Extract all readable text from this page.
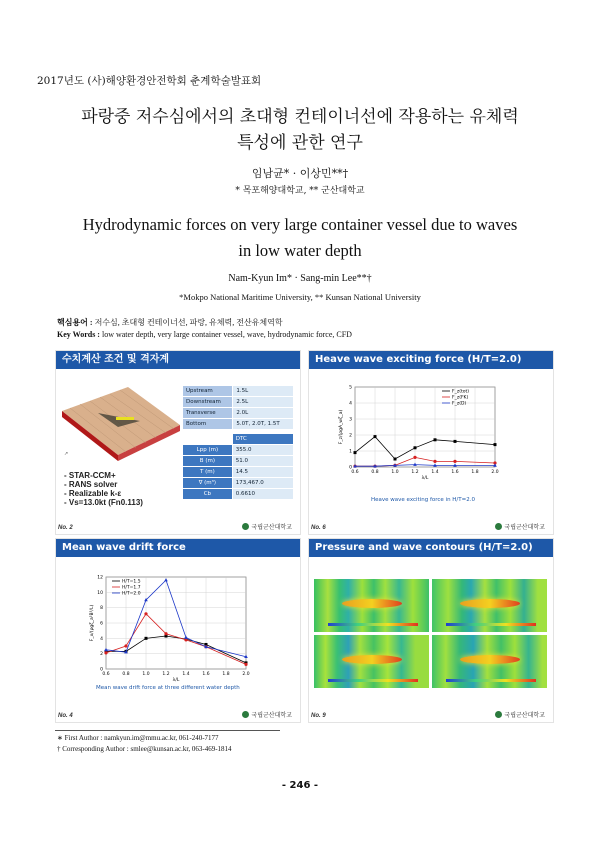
2017년도 (사)해양환경안전학회 춘계학술발표회
파랑중 저수심에서의 초대형 컨테이너선에 작용하는 유체력
특성에 관한 연구
임남균* · 이상민**†
* 목포해양대학교, ** 군산대학교
Hydrodynamic forces on very large container vessel due to waves
in low water depth
Nam-Kyun Im* · Sang-min Lee**†
*Mokpo National Maritime University, ** Kunsan National University
핵심용어 : 저수심, 초대형 컨테이너선, 파랑, 유체력, 전산유체역학
Key Words : low water depth, very large container vessel, wave, hydrodynamic force, CFD
수치계산 조건 및 격자계
↗
Upstream	1.5L
Downstream	2.5L
Transverse	2.0L
Bottom	5.0T, 2.0T, 1.5T
	DTC
Lpp (m)	355.0
B (m)	51.0
T (m)	14.5
∇ (m³)	173,467.0
Cb	0.6610
- STAR-CCM+
- RANS solver
- Realizable k-ε
- Vs=13.0kt (Fn0.113)
No. 2	국립군산대학교
Heave wave exciting force (H/T=2.0)
0
1
2
3
4
5
0.6	0.8	1.0	1.2	1.4	1.6	1.8	2.0
λ/L
F_z/(ρgA_wζ_a)
F_z(tot)
F_z(FK)
F_z(D)
Heave wave exciting force in H/T=2.0
No. 6	국립군산대학교
Mean wave drift force
0
2
4
6
8
10
12
0.6	0.8	1.0	1.2	1.4	1.6	1.8	2.0
λ/L
F_x/(ρgζ_a²B²/L)
H/T=1.5
H/T=1.7
H/T=2.0
Mean wave drift force at three different water depth
No. 4	국립군산대학교
Pressure and wave contours (H/T=2.0)
No. 9	국립군산대학교
∗ First Author : namkyun.im@mmu.ac.kr, 061-240-7177
† Corresponding Author : smlee@kunsan.ac.kr, 063-469-1814
- 246 -
